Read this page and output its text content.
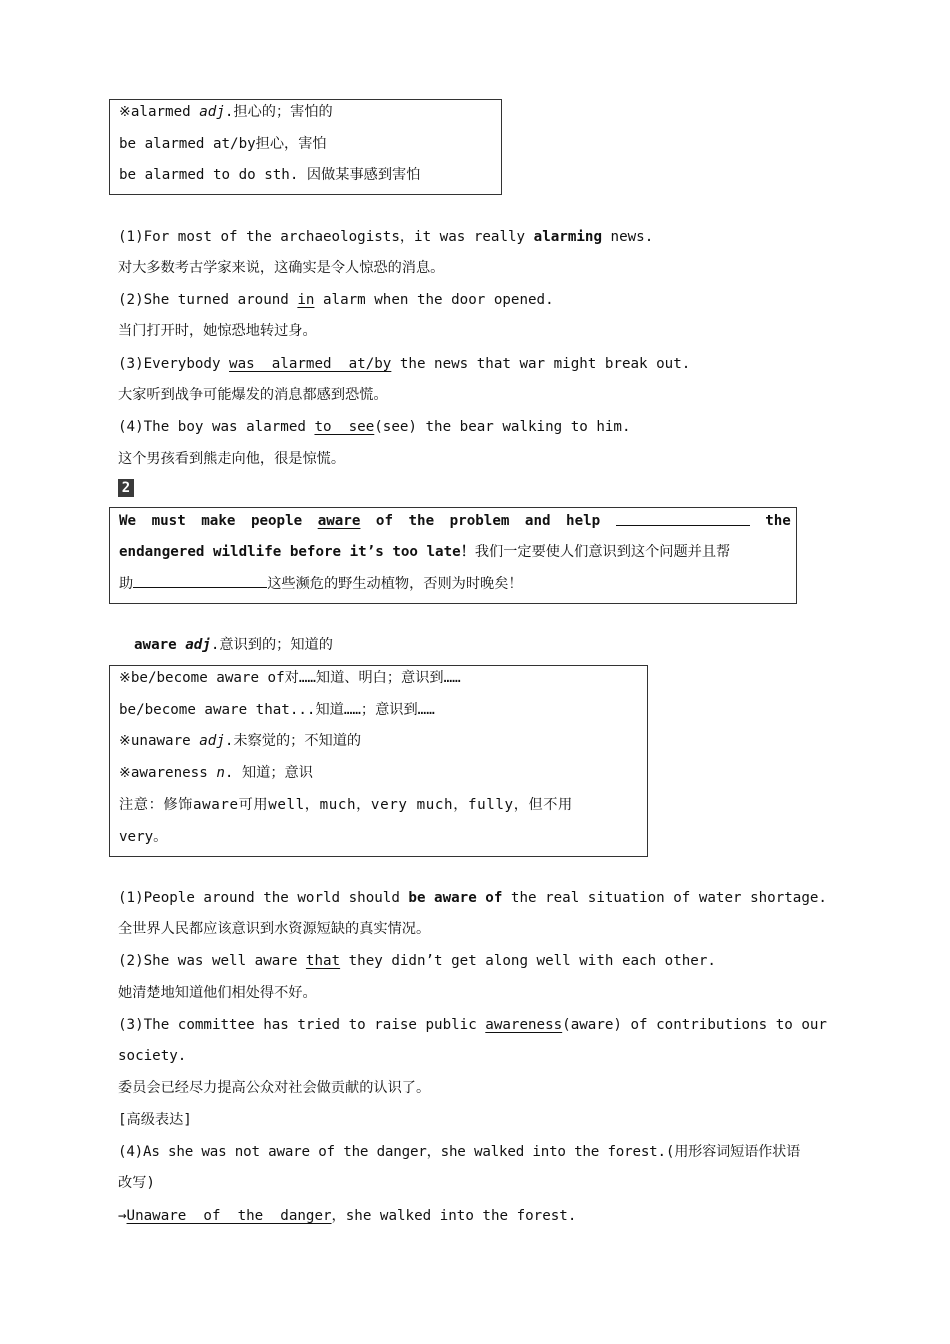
※alarmed adj.担心的；害怕的
be alarmed at/by担心，害怕
be alarmed to do sth. 因做某事感到害怕
(1)For most of the archaeologists，it was really alarming news.
对大多数考古学家来说，这确实是令人惊恐的消息。
(2)She turned around in alarm when the door opened.
当门打开时，她惊恐地转过身。
(3)Everybody was  alarmed  at/by the news that war might break out.
大家听到战争可能爆发的消息都感到恐慌。
(4)The boy was alarmed to  see(see) the bear walking to him.
这个男孩看到熊走向他，很是惊慌。
2
We must make people aware of the problem and help	the
endangered wildlife before it’s too late！我们一定要使人们意识到这个问题并且帮
助	这些濒危的野生动植物，否则为时晚矣！
aware adj.意识到的；知道的
※be/become aware of对……知道、明白；意识到……
be/become aware that...知道……；意识到……
※unaware adj.未察觉的；不知道的
※awareness n. 知道；意识
注意：修饰aware可用well，much，very much，fully，但不用
very。
(1)People around the world should be aware of the real situation of water shortage.
全世界人民都应该意识到水资源短缺的真实情况。
(2)She was well aware that they didn’t get along well with each other.
她清楚地知道他们相处得不好。
(3)The committee has tried to raise public awareness(aware) of contributions to our
society.
委员会已经尽力提高公众对社会做贡献的认识了。
[高级表达]
(4)As she was not aware of the danger，she walked into the forest.(用形容词短语作状语
改写)
→Unaware  of  the  danger，she walked into the forest.
